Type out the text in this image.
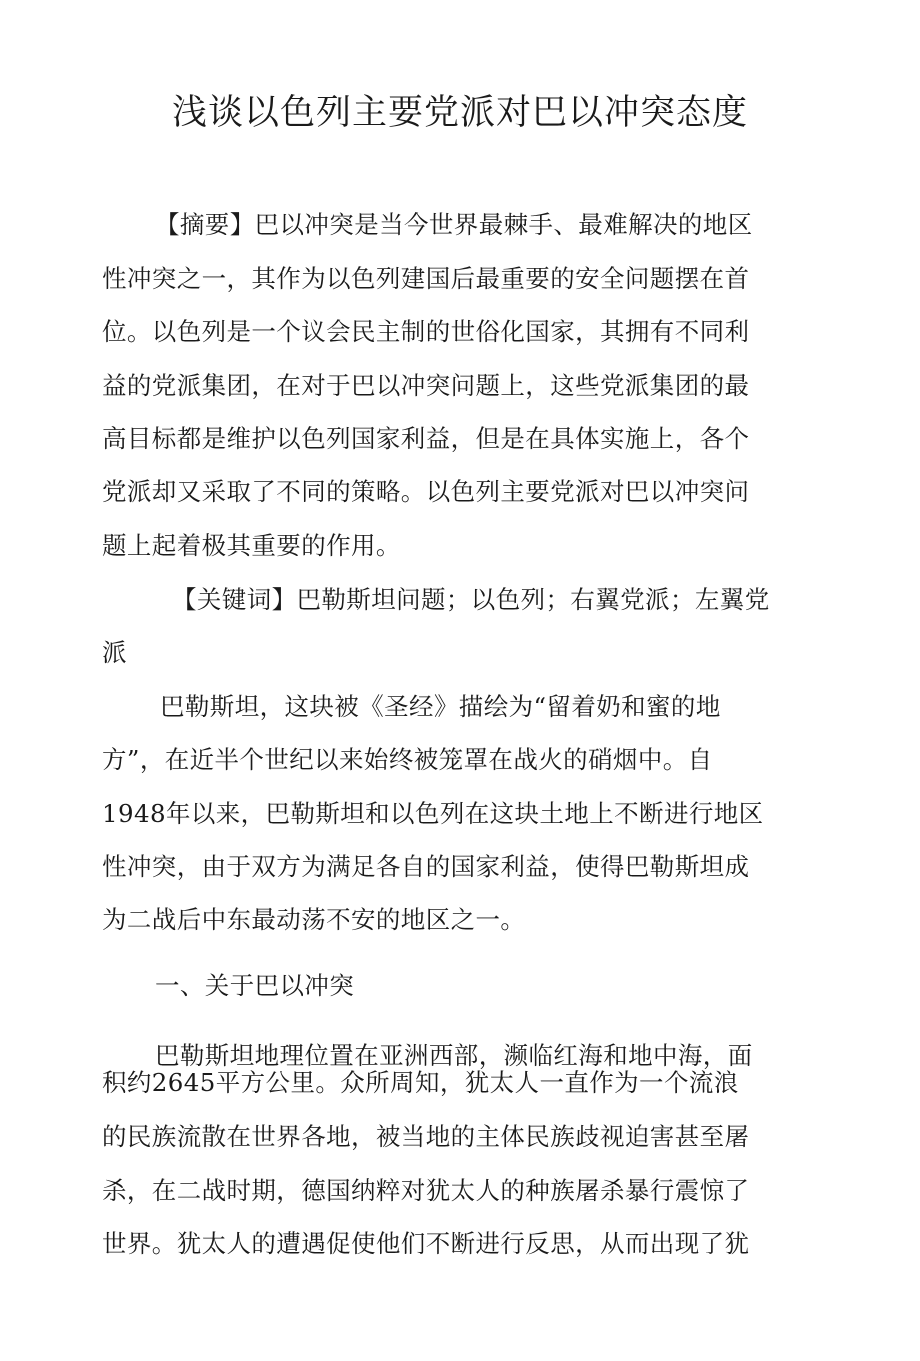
浅谈以色列主要党派对巴以冲突态度
【摘要】巴以冲突是当今世界最棘手、最难解决的地区
性冲突之一，其作为以色列建国后最重要的安全问题摆在首
位。以色列是一个议会民主制的世俗化国家，其拥有不同利
益的党派集团，在对于巴以冲突问题上，这些党派集团的最
高目标都是维护以色列国家利益，但是在具体实施上，各个
党派却又采取了不同的策略。以色列主要党派对巴以冲突问
题上起着极其重要的作用。
【关键词】巴勒斯坦问题；以色列；右翼党派；左翼党
派
巴勒斯坦，这块被《圣经》描绘为“留着奶和蜜的地
方”，在近半个世纪以来始终被笼罩在战火的硝烟中。自
1948年以来，巴勒斯坦和以色列在这块土地上不断进行地区
性冲突，由于双方为满足各自的国家利益，使得巴勒斯坦成
为二战后中东最动荡不安的地区之一。
一、关于巴以冲突
巴勒斯坦地理位置在亚洲西部，濒临红海和地中海，面
积约2645平方公里。众所周知，犹太人一直作为一个流浪
的民族流散在世界各地，被当地的主体民族歧视迫害甚至屠
杀，在二战时期，德国纳粹对犹太人的种族屠杀暴行震惊了
世界。犹太人的遭遇促使他们不断进行反思，从而出现了犹
